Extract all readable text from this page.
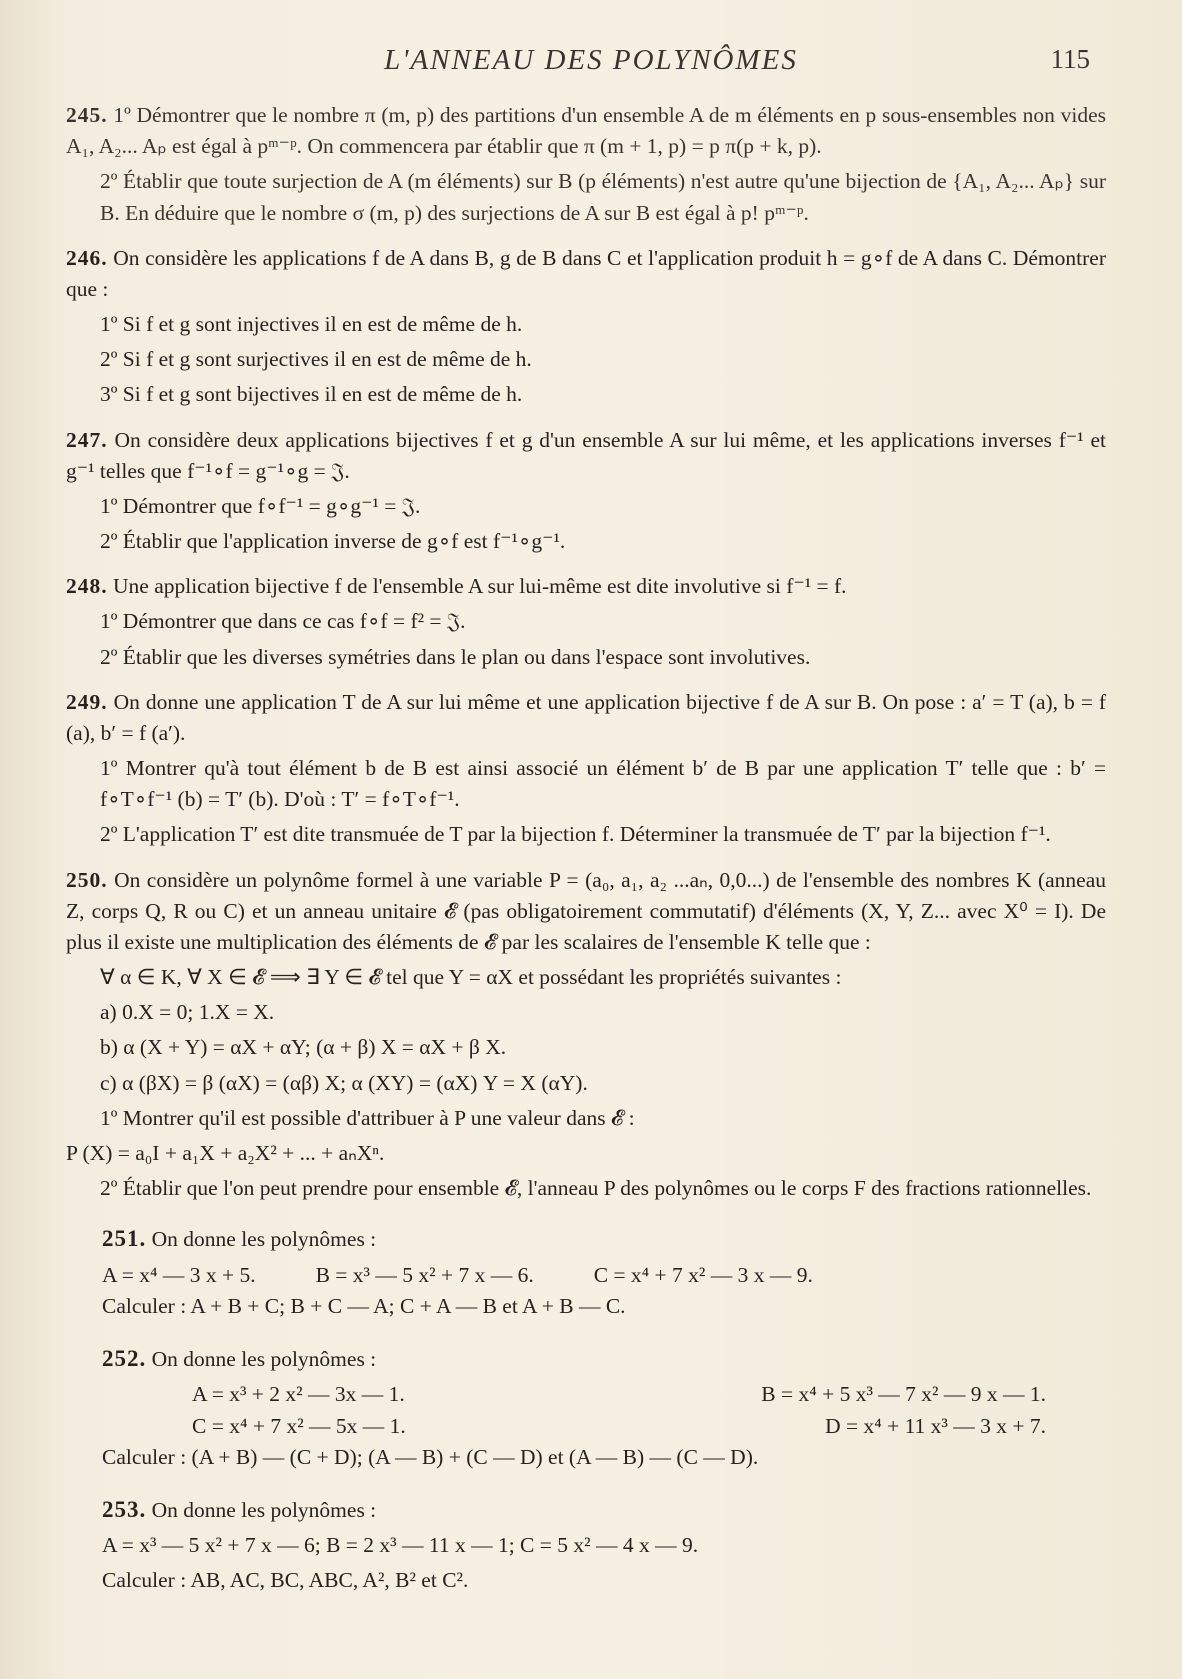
L'ANNEAU DES POLYNÔMES	115

245. 1º Démontrer que le nombre π (m, p) des partitions d'un ensemble A de m éléments en p sous-ensembles non vides A₁, A₂... Aₚ est égal à pᵐ⁻ᵖ. On commencera par établir que π (m + 1, p) = p π(p + k, p).

2º Établir que toute surjection de A (m éléments) sur B (p éléments) n'est autre qu'une bijection de {A₁, A₂... Aₚ} sur B. En déduire que le nombre σ (m, p) des surjections de A sur B est égal à p! pᵐ⁻ᵖ.

246. On considère les applications f de A dans B, g de B dans C et l'application produit h = g∘f de A dans C. Démontrer que :

1º Si f et g sont injectives il en est de même de h.

2º Si f et g sont surjectives il en est de même de h.

3º Si f et g sont bijectives il en est de même de h.

247. On considère deux applications bijectives f et g d'un ensemble A sur lui même, et les applications inverses f⁻¹ et g⁻¹ telles que f⁻¹∘f = g⁻¹∘g = 𝔍.

1º Démontrer que f∘f⁻¹ = g∘g⁻¹ = 𝔍.

2º Établir que l'application inverse de g∘f est f⁻¹∘g⁻¹.

248. Une application bijective f de l'ensemble A sur lui-même est dite involutive si f⁻¹ = f.

1º Démontrer que dans ce cas f∘f = f² = 𝔍.

2º Établir que les diverses symétries dans le plan ou dans l'espace sont involutives.

249. On donne une application T de A sur lui même et une application bijective f de A sur B. On pose : a′ = T (a), b = f (a), b′ = f (a′).

1º Montrer qu'à tout élément b de B est ainsi associé un élément b′ de B par une application T′ telle que : b′ = f∘T∘f⁻¹ (b) = T′ (b). D'où : T′ = f∘T∘f⁻¹.

2º L'application T′ est dite transmuée de T par la bijection f. Déterminer la transmuée de T′ par la bijection f⁻¹.

250. On considère un polynôme formel à une variable P = (a₀, a₁, a₂ ...aₙ, 0,0...) de l'ensemble des nombres K (anneau Z, corps Q, R ou C) et un anneau unitaire 𝓔 (pas obligatoirement commutatif) d'éléments (X, Y, Z... avec X⁰ = I). De plus il existe une multiplication des éléments de 𝓔 par les scalaires de l'ensemble K telle que :

∀ α ∈ K, ∀ X ∈ 𝓔 ⟹ ∃ Y ∈ 𝓔 tel que Y = αX et possédant les propriétés suivantes :

a) 0.X = 0; 1.X = X.

b) α (X + Y) = αX + αY; (α + β) X = αX + β X.

c) α (βX) = β (αX) = (αβ) X; α (XY) = (αX) Y = X (αY).

1º Montrer qu'il est possible d'attribuer à P une valeur dans 𝓔 :

P (X) = a₀I + a₁X + a₂X² + ... + aₙXⁿ.

2º Établir que l'on peut prendre pour ensemble 𝓔, l'anneau P des polynômes ou le corps F des fractions rationnelles.

251. On donne les polynômes :

A = x⁴ — 3 x + 5.	B = x³ — 5 x² + 7 x — 6.	C = x⁴ + 7 x² — 3 x — 9.

Calculer : A + B + C; B + C — A; C + A — B et A + B — C.

252. On donne les polynômes :

A = x³ + 2 x² — 3x — 1.	B = x⁴ + 5 x³ — 7 x² — 9 x — 1.
C = x⁴ + 7 x² — 5x — 1.	D = x⁴ + 11 x³ — 3 x + 7.

Calculer : (A + B) — (C + D); (A — B) + (C — D) et (A — B) — (C — D).

253. On donne les polynômes :

A = x³ — 5 x² + 7 x — 6; B = 2 x³ — 11 x — 1; C = 5 x² — 4 x — 9.

Calculer : AB, AC, BC, ABC, A², B² et C².
